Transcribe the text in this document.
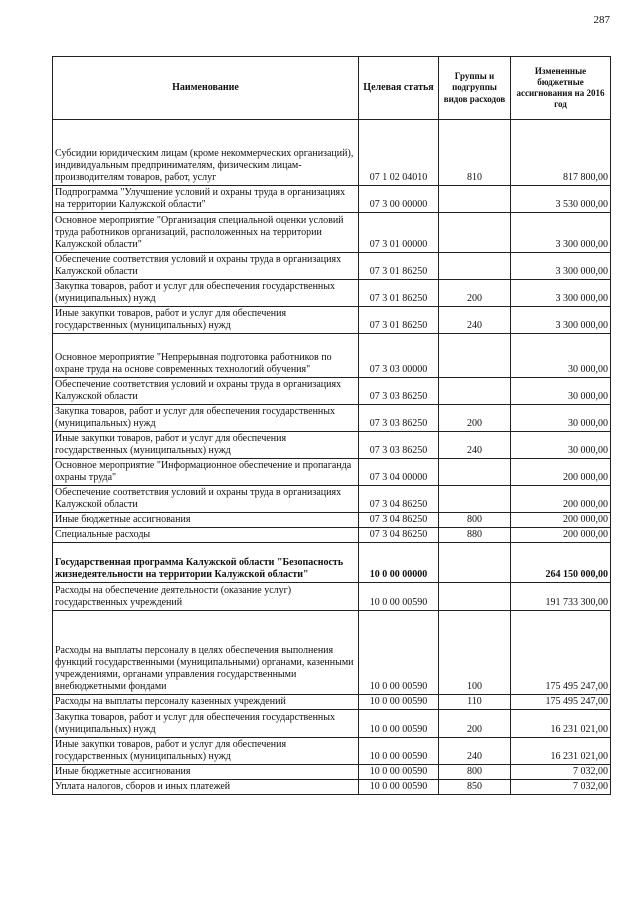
287
Наименование	Целевая статья	Группы и подгруппы видов расходов	Измененные бюджетные ассигнования на 2016 год
Субсидии юридическим лицам (кроме некоммерческих организаций), индивидуальным предпринимателям, физическим лицам-производителям товаров, работ, услуг	07 1 02 04010	810	817 800,00
Подпрограмма "Улучшение условий и охраны труда в организациях на территории Калужской области"	07 3 00 00000		3 530 000,00
Основное мероприятие "Организация специальной оценки условий труда работников организаций, расположенных на территории Калужской области"	07 3 01 00000		3 300 000,00
Обеспечение соответствия условий и охраны труда в организациях Калужской области	07 3 01 86250		3 300 000,00
Закупка товаров, работ и услуг для обеспечения государственных (муниципальных) нужд	07 3 01 86250	200	3 300 000,00
Иные закупки товаров, работ и услуг для обеспечения государственных (муниципальных) нужд	07 3 01 86250	240	3 300 000,00
Основное мероприятие "Непрерывная подготовка работников по охране труда на основе современных технологий обучения"	07 3 03 00000		30 000,00
Обеспечение соответствия условий и охраны труда в организациях Калужской области	07 3 03 86250		30 000,00
Закупка товаров, работ и услуг для обеспечения государственных (муниципальных) нужд	07 3 03 86250	200	30 000,00
Иные закупки товаров, работ и услуг для обеспечения государственных (муниципальных) нужд	07 3 03 86250	240	30 000,00
Основное мероприятие "Информационное обеспечение и пропаганда охраны труда"	07 3 04 00000		200 000,00
Обеспечение соответствия условий и охраны труда в организациях Калужской области	07 3 04 86250		200 000,00
Иные бюджетные ассигнования	07 3 04 86250	800	200 000,00
Специальные расходы	07 3 04 86250	880	200 000,00
Государственная программа Калужской области "Безопасность жизнедеятельности на территории Калужской области"	10 0 00 00000		264 150 000,00
Расходы на обеспечение деятельности (оказание услуг) государственных учреждений	10 0 00 00590		191 733 300,00
Расходы на выплаты персоналу в целях обеспечения выполнения функций государственными (муниципальными) органами, казенными учреждениями, органами управления государственными внебюджетными фондами	10 0 00 00590	100	175 495 247,00
Расходы на выплаты персоналу казенных учреждений	10 0 00 00590	110	175 495 247,00
Закупка товаров, работ и услуг для обеспечения государственных (муниципальных) нужд	10 0 00 00590	200	16 231 021,00
Иные закупки товаров, работ и услуг для обеспечения государственных (муниципальных) нужд	10 0 00 00590	240	16 231 021,00
Иные бюджетные ассигнования	10 0 00 00590	800	7 032,00
Уплата налогов, сборов и иных платежей	10 0 00 00590	850	7 032,00
